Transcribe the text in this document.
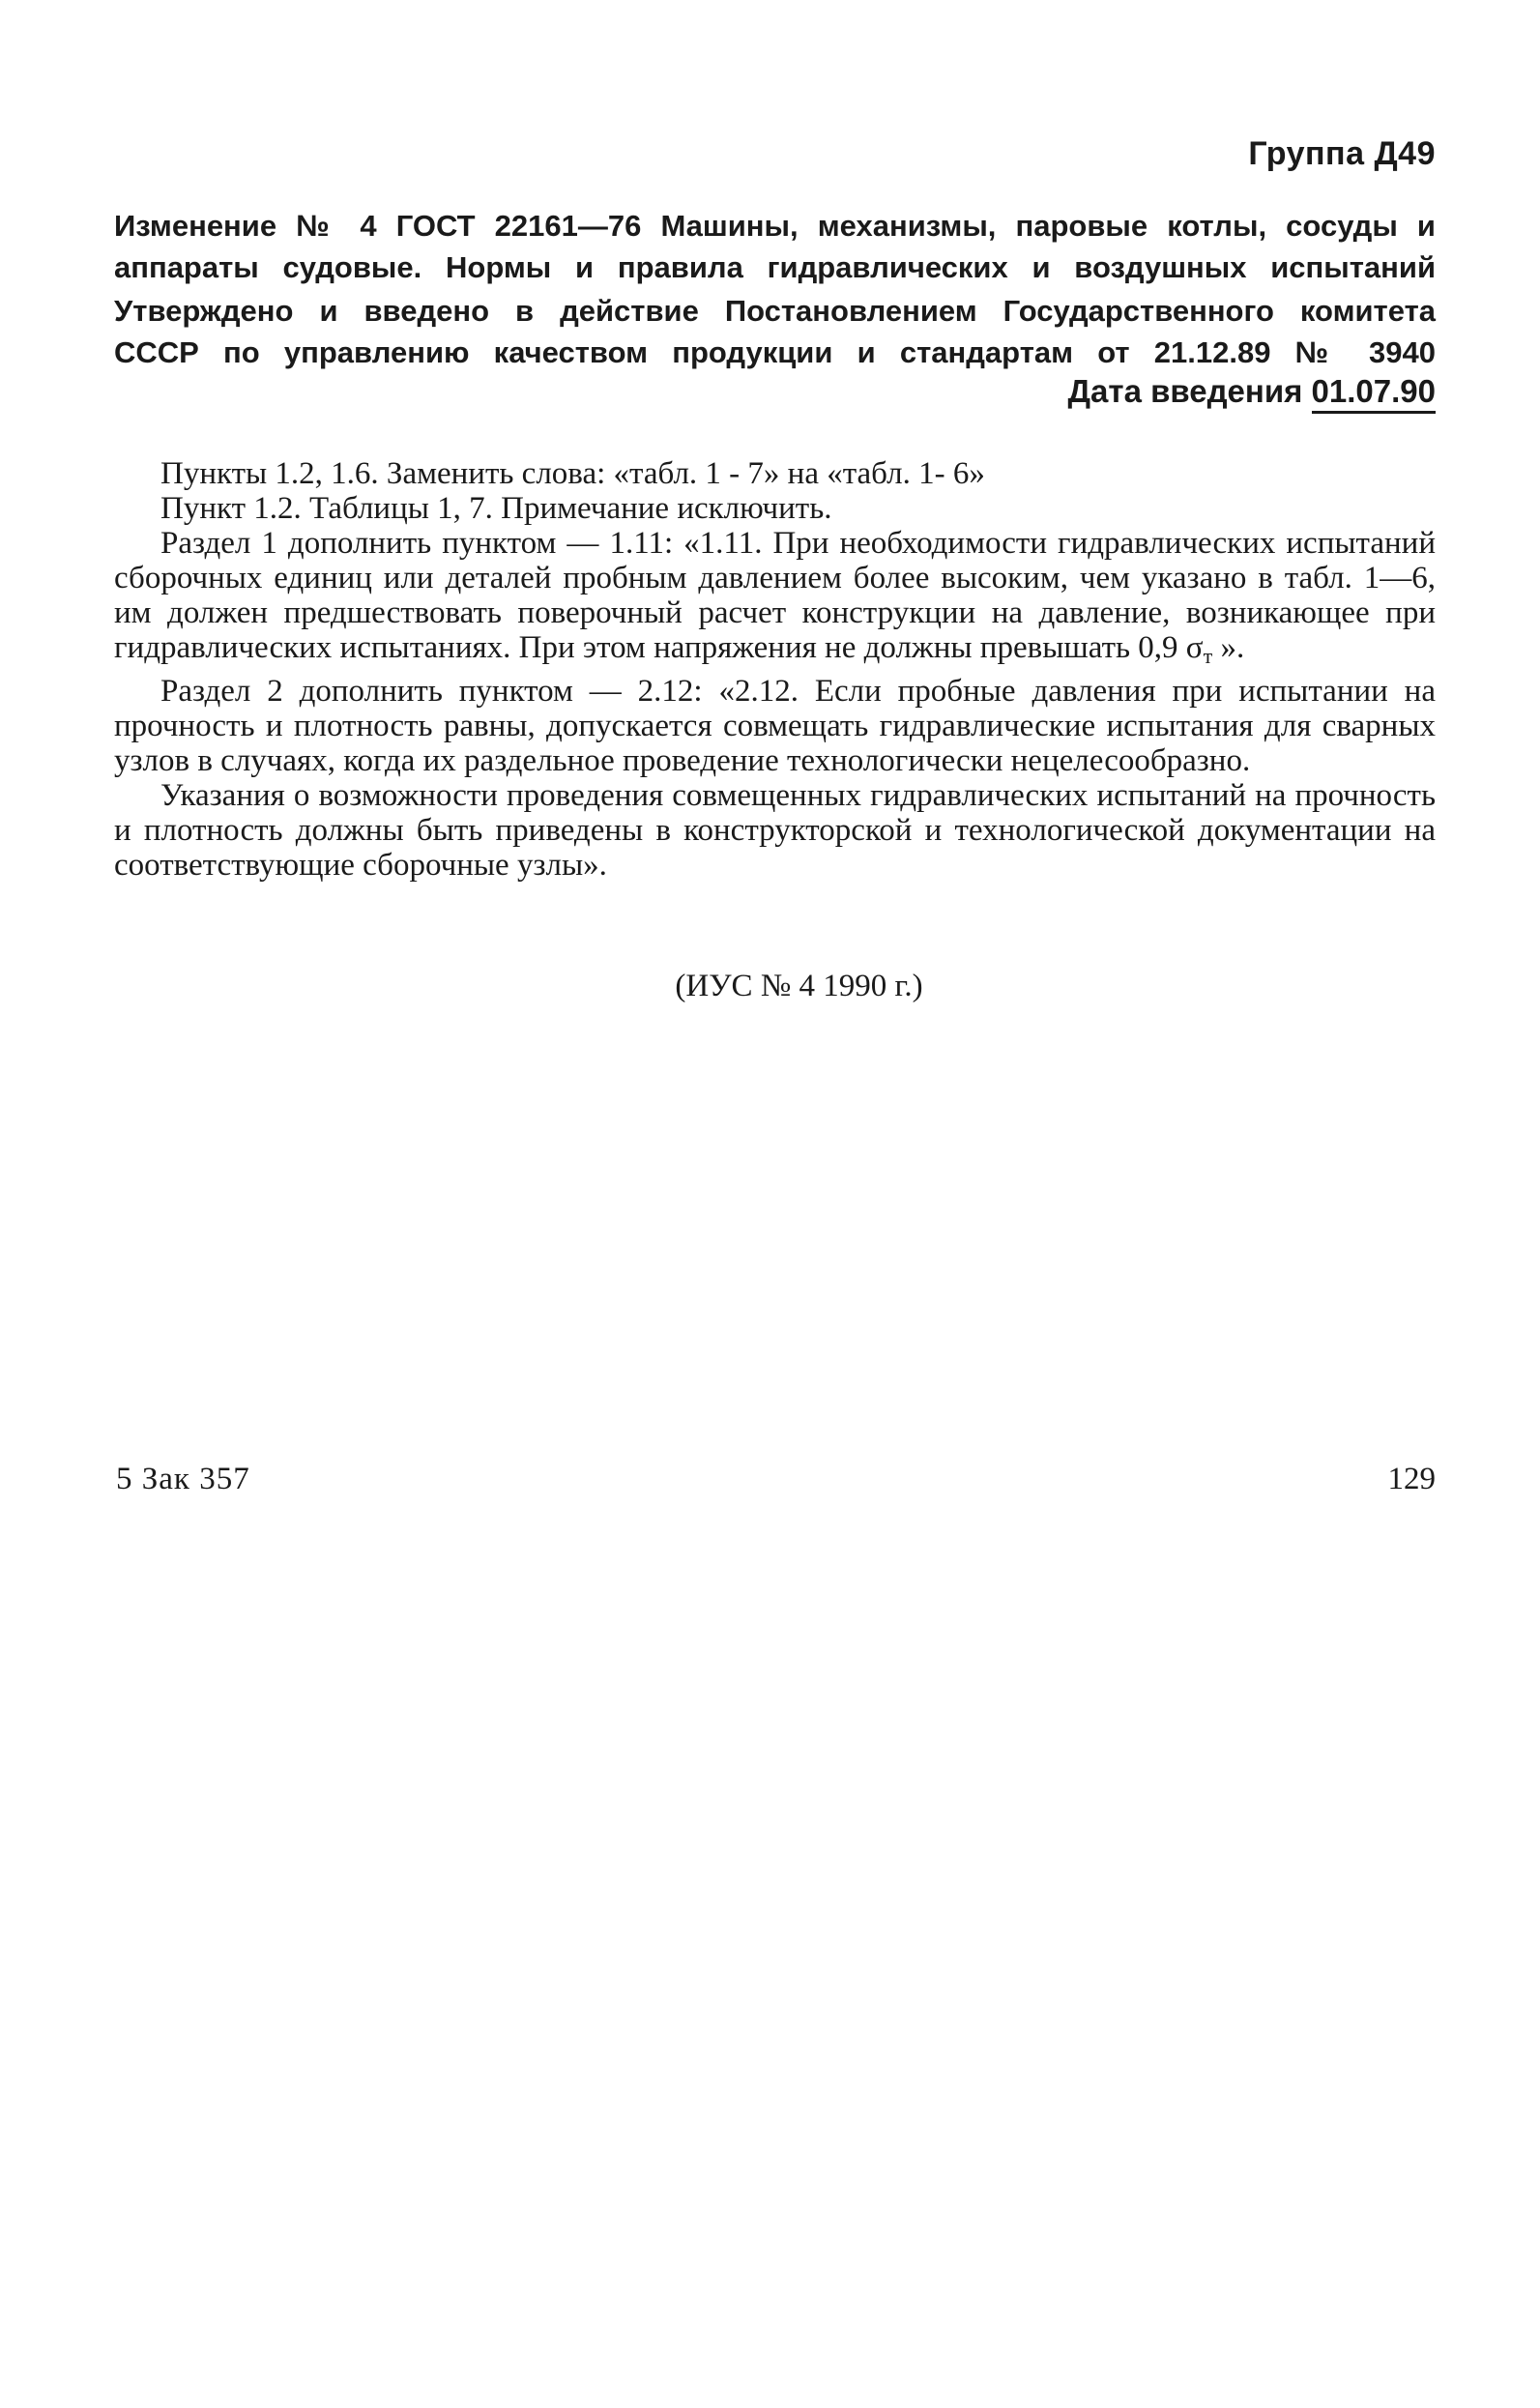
Группа Д49
Изменение № 4 ГОСТ 22161—76 Машины, механизмы, паровые котлы, сосуды и
аппараты судовые. Нормы и правила гидравлических и воздушных испытаний
Утверждено и введено в действие Постановлением Государственного комитета
СССР по управлению качеством продукции и стандартам от 21.12.89 № 3940
Дата введения 01.07.90

Пункты 1.2, 1.6. Заменить слова: «табл. 1 - 7» на «табл. 1- 6»

Пункт 1.2. Таблицы 1, 7. Примечание исключить.

Раздел 1 дополнить пунктом — 1.11: «1.11. При необходимости гидравлических испытаний сборочных единиц или деталей пробным давлением более высоким, чем указано в табл. 1—6, им должен предшествовать поверочный расчет конструкции на давление, возникающее при гидравлических испытаниях. При этом напряжения не должны превышать 0,9 $\sigma_т$ ».

Раздел 2 дополнить пунктом — 2.12: «2.12. Если пробные давления при испытании на прочность и плотность равны, допускается совмещать гидравлические испытания для сварных узлов в случаях, когда их раздельное проведение технологически нецелесообразно.

Указания о возможности проведения совмещенных гидравлических испытаний на прочность и плотность должны быть приведены в конструкторской и технологической документации на соответствующие сборочные узлы».

(ИУС № 4 1990 г.)
5 Зак 357	129
